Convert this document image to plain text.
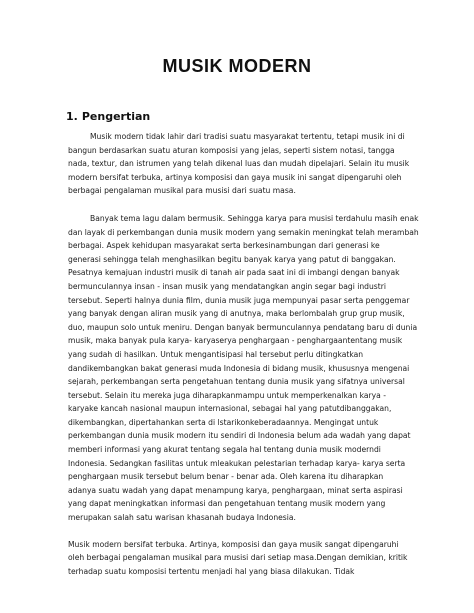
MUSIK MODERN
1. Pengertian

Musik modern tidak lahir dari tradisi suatu masyarakat tertentu, tetapi musik ini di
bangun berdasarkan suatu aturan komposisi yang jelas, seperti sistem notasi, tangga
nada, textur, dan istrumen yang telah dikenal luas dan mudah dipelajari. Selain itu musik
modern bersifat terbuka, artinya komposisi dan gaya musik ini sangat dipengaruhi oleh
berbagai pengalaman musikal para musisi dari suatu masa.

Banyak tema lagu dalam bermusik. Sehingga karya para musisi terdahulu masih enak
dan layak di perkembangan dunia musik modern yang semakin meningkat telah merambah
berbagai. Aspek kehidupan masyarakat serta berkesinambungan dari generasi ke
generasi sehingga telah menghasilkan begitu banyak karya yang patut di banggakan.
Pesatnya kemajuan industri musik di tanah air pada saat ini di imbangi dengan banyak
bermunculannya insan - insan musik yang mendatangkan angin segar bagi industri
tersebut. Seperti halnya dunia film, dunia musik juga mempunyai pasar serta penggemar
yang banyak dengan aliran musik yang di anutnya, maka berlombalah grup grup musik,
duo, maupun solo untuk meniru. Dengan banyak bermunculannya pendatang baru di dunia
musik, maka banyak pula karya- karyaserya penghargaan - penghargaantentang musik
yang sudah di hasilkan. Untuk mengantisipasi hal tersebut perlu ditingkatkan
dandikembangkan bakat generasi muda Indonesia di bidang musik, khususnya mengenai
sejarah, perkembangan serta pengetahuan tentang dunia musik yang sifatnya universal
tersebut. Selain itu mereka juga diharapkanmampu untuk memperkenalkan karya -
karyake kancah nasional maupun internasional, sebagai hal yang patutdibanggakan,
dikembangkan, dipertahankan serta di lstarikonkeberadaannya. Mengingat untuk
perkembangan dunia musik modern itu sendiri di Indonesia belum ada wadah yang dapat
memberi informasi yang akurat tentang segala hal tentang dunia musik moderndi
Indonesia. Sedangkan fasilitas untuk mleakukan pelestarian terhadap karya- karya serta
penghargaan musik tersebut belum benar - benar ada. Oleh karena itu diharapkan
adanya suatu wadah yang dapat menampung karya, penghargaan, minat serta aspirasi
yang dapat meningkatkan informasi dan pengetahuan tentang musik modern yang
merupakan salah satu warisan khasanah budaya Indonesia.

Musik modern bersifat terbuka. Artinya, komposisi dan gaya musik sangat dipengaruhi
oleh berbagai pengalaman musikal para musisi dari setiap masa.Dengan demikian, kritik
terhadap suatu komposisi tertentu menjadi hal yang biasa dilakukan. Tidak
